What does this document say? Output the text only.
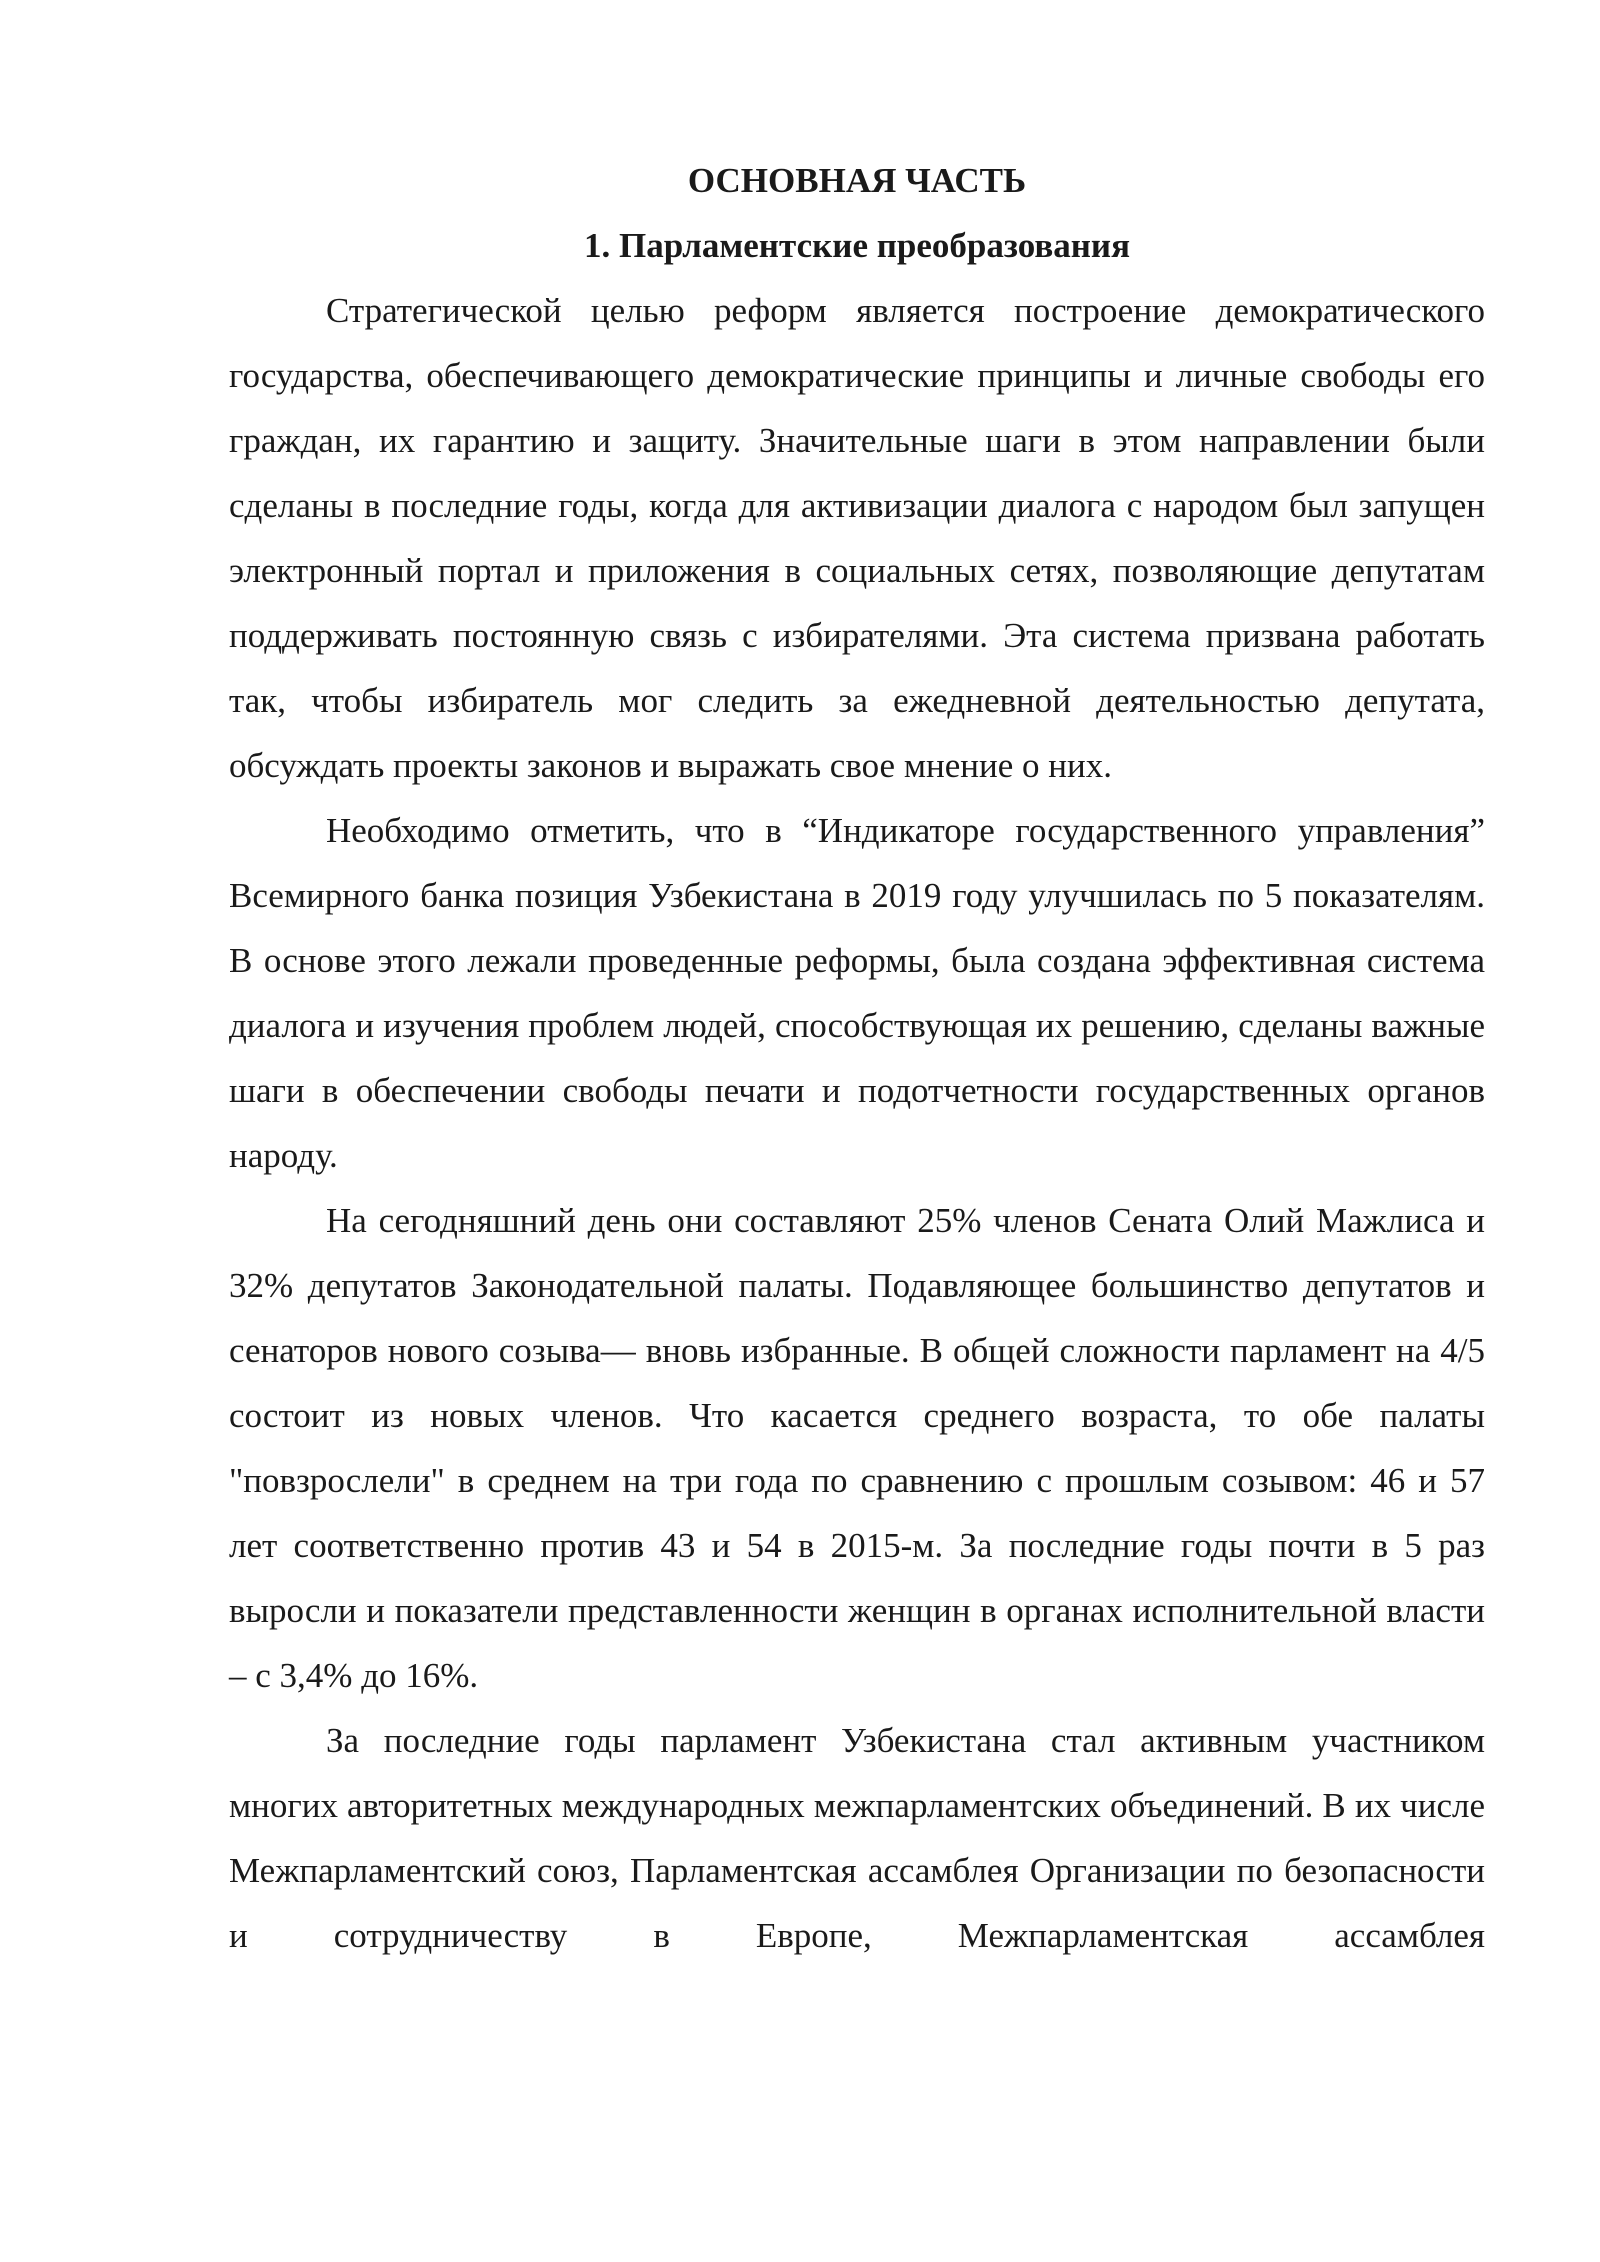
ОСНОВНАЯ ЧАСТЬ
1. Парламентские преобразования

Стратегической целью реформ является построение демократического государства, обеспечивающего демократические принципы и личные свободы его граждан, их гарантию и защиту. Значительные шаги в этом направлении были сделаны в последние годы, когда для активизации диалога с народом был запущен электронный портал и приложения в социальных сетях, позволяющие депутатам поддерживать постоянную связь с избирателями. Эта система призвана работать так, чтобы избиратель мог следить за ежедневной деятельностью депутата, обсуждать проекты законов и выражать свое мнение о них.

Необходимо отметить, что в “Индикаторе государственного управления” Всемирного банка позиция Узбекистана в 2019 году улучшилась по 5 показателям. В основе этого лежали проведенные реформы, была создана эффективная система диалога и изучения проблем людей, способствующая их решению, сделаны важные шаги в обеспечении свободы печати и подотчетности государственных органов народу.

На сегодняшний день они составляют 25% членов Сената Олий Мажлиса и 32% депутатов Законодательной палаты. Подавляющее большинство депутатов и сенаторов нового созыва— вновь избранные. В общей сложности парламент на 4/5 состоит из новых членов. Что касается среднего возраста, то обе палаты "повзрослели" в среднем на три года по сравнению с прошлым созывом: 46 и 57 лет соответственно против 43 и 54 в 2015-м. За последние годы почти в 5 раз выросли и показатели представленности женщин в органах исполнительной власти – с 3,4% до 16%.

За последние годы парламент Узбекистана стал активным участником многих авторитетных международных межпарламентских объединений. В их числе Межпарламентский союз, Парламентская ассамблея Организации по безопасности и сотрудничеству в Европе, Межпарламентская ассамблея
